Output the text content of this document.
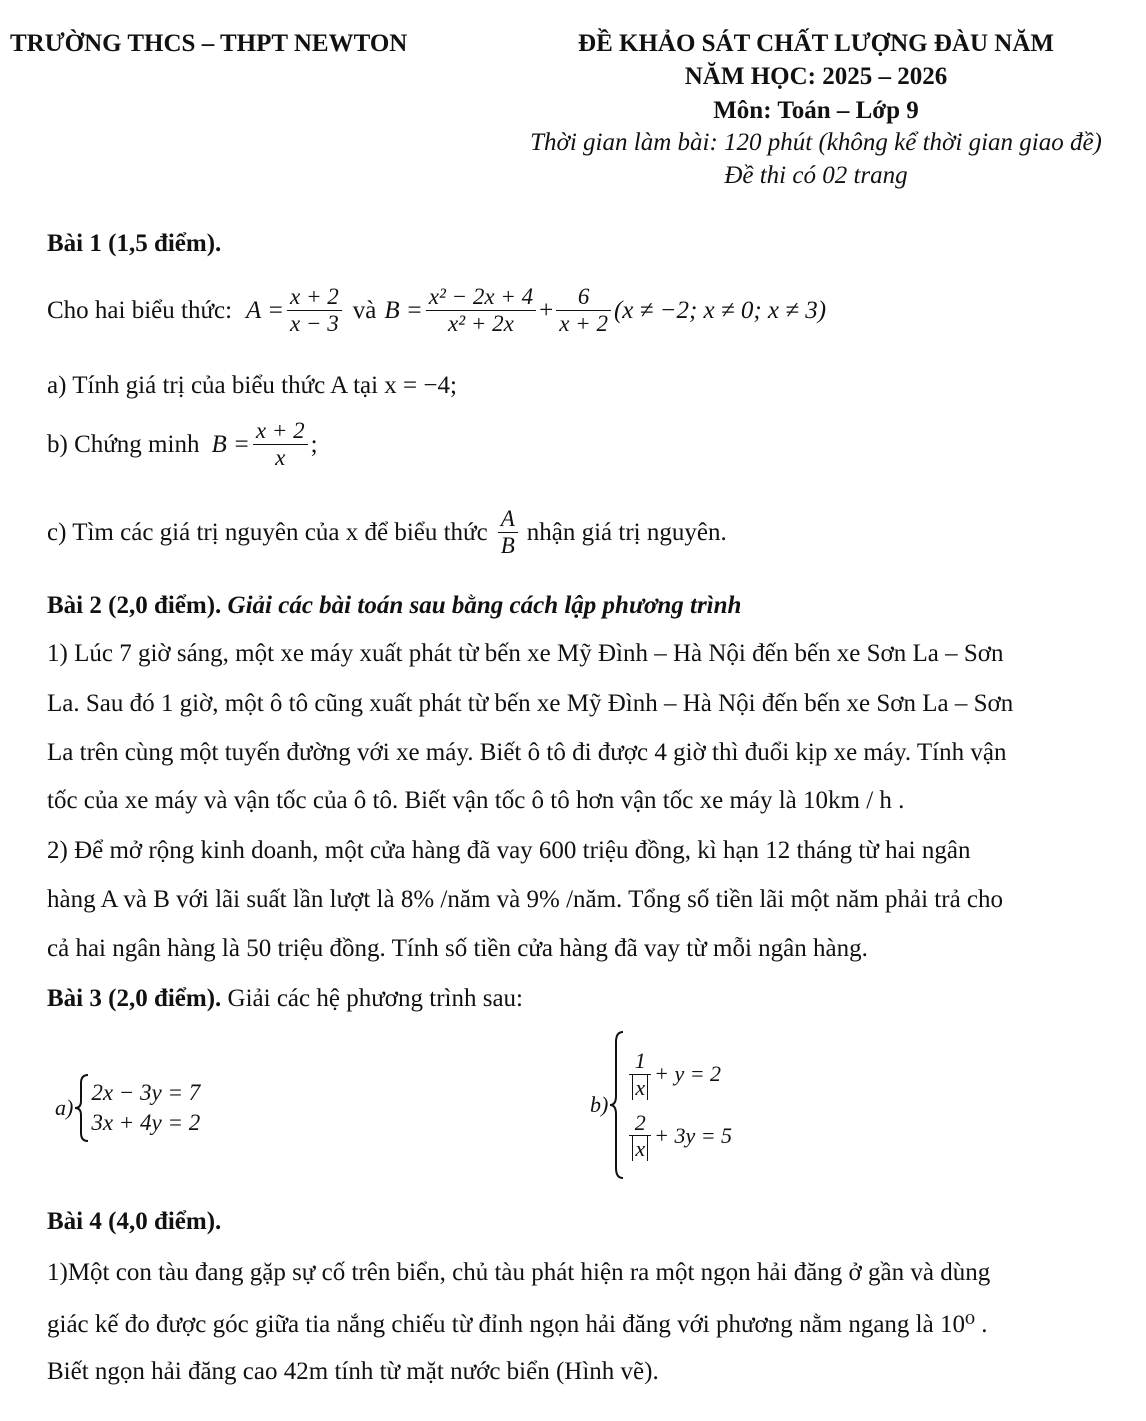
TRƯỜNG THCS – THPT NEWTON	ĐỀ KHẢO SÁT CHẤT LƯỢNG ĐÀU NĂM
NĂM HỌC: 2025 – 2026
Môn: Toán – Lớp 9
Thời gian làm bài: 120 phút (không kể thời gian giao đề)
Đề thi có 02 trang
Bài 1 (1,5 điểm).
Cho hai biểu thức: $A = \frac{x + 2}{x - 3}$ và $B = \frac{\text{x² − 2x + 4}}{\text{x² + 2x}} + \frac{6}{x + 2} (x \ne -2$; x ≠ 0; x ≠ 3)
a) Tính giá trị của biểu thức A tại x = −4;
b) Chứng minh $B = \frac{x + 2}{x}$ ;
c) Tìm các giá trị nguyên của x để biểu thức $\frac{A}{B}$ nhận giá trị nguyên.
Bài 2 (2,0 điểm). Giải các bài toán sau bằng cách lập phương trình
1) Lúc 7 giờ sáng, một xe máy xuất phát từ bến xe Mỹ Đình – Hà Nội đến bến xe Sơn La – Sơn
La. Sau đó 1 giờ, một ô tô cũng xuất phát từ bến xe Mỹ Đình – Hà Nội đến bến xe Sơn La – Sơn
La trên cùng một tuyến đường với xe máy. Biết ô tô đi được 4 giờ thì đuổi kịp xe máy. Tính vận
tốc của xe máy và vận tốc của ô tô. Biết vận tốc ô tô hơn vận tốc xe máy là 10km / h .
2) Để mở rộng kinh doanh, một cửa hàng đã vay 600 triệu đồng, kì hạn 12 tháng từ hai ngân
hàng A và B với lãi suất lần lượt là 8% /năm và 9% /năm. Tổng số tiền lãi một năm phải trả cho
cả hai ngân hàng là 50 triệu đồng. Tính số tiền cửa hàng đã vay từ mỗi ngân hàng.
Bài 3 (2,0 điểm). Giải các hệ phương trình sau:
a)
2x − 3y = 7
3x + 4y = 2
b)
$\frac{1}{x} + y = 2$
$\frac{2}{x} + 3y = 5$
Bài 4 (4,0 điểm).
1)Một con tàu đang gặp sự cố trên biển, chủ tàu phát hiện ra một ngọn hải đăng ở gần và dùng
giác kế đo được góc giữa tia nắng chiếu từ đỉnh ngọn hải đăng với phương nằm ngang là 10⁰ .
Biết ngọn hải đăng cao 42m tính từ mặt nước biển (Hình vẽ).
